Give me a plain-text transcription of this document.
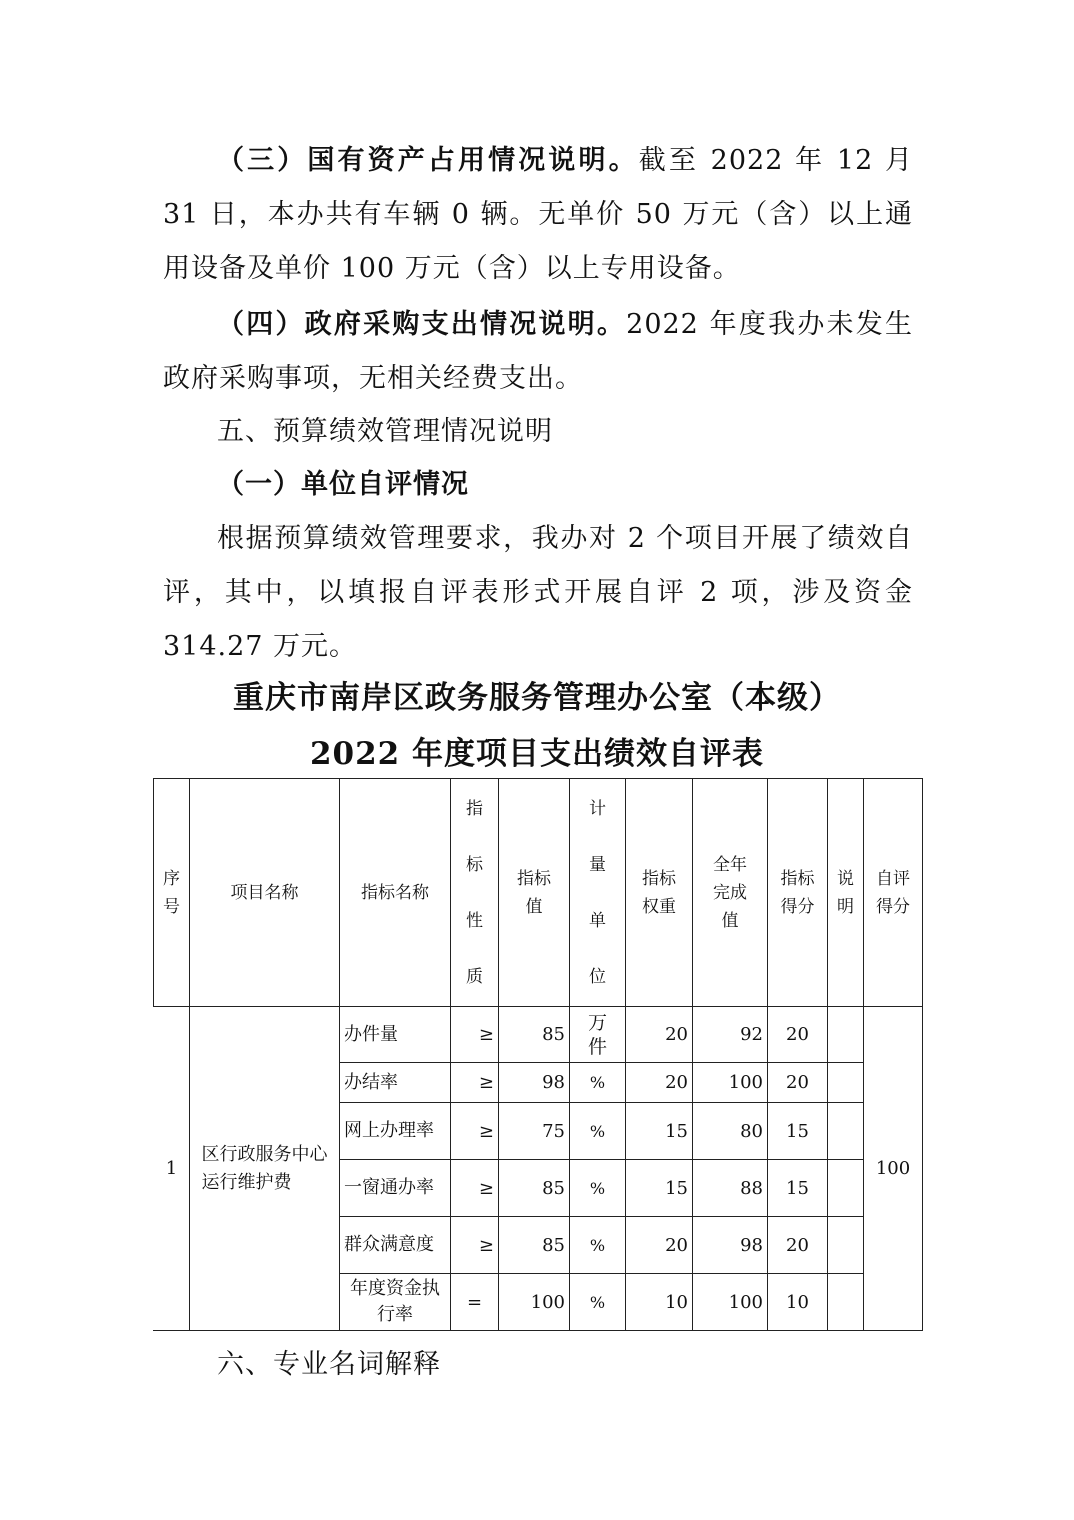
（三）国有资产占用情况说明。截至 2022 年 12 月 31 日，本办共有车辆 0 辆。无单价 50 万元（含）以上通用设备及单价 100 万元（含）以上专用设备。
（四）政府采购支出情况说明。2022 年度我办未发生政府采购事项，无相关经费支出。
五、预算绩效管理情况说明
（一）单位自评情况
根据预算绩效管理要求，我办对 2 个项目开展了绩效自评，其中，以填报自评表形式开展自评 2 项，涉及资金 314.27 万元。
重庆市南岸区政务服务管理办公室（本级）
2022 年度项目支出绩效自评表
序号	项目名称	指标名称	指标性质	指标值	计量单位	指标权重	全年完成值	指标得分	说明	自评得分
1	区行政服务中心运行维护费	办件量	≥	85	万件	20	92	20		100
		办结率	≥	98	%	20	100	20		
		网上办理率	≥	75	%	15	80	15		
		一窗通办率	≥	85	%	15	88	15		
		群众满意度	≥	85	%	20	98	20		
		年度资金执行率	=	100	%	10	100	10		
六、专业名词解释
